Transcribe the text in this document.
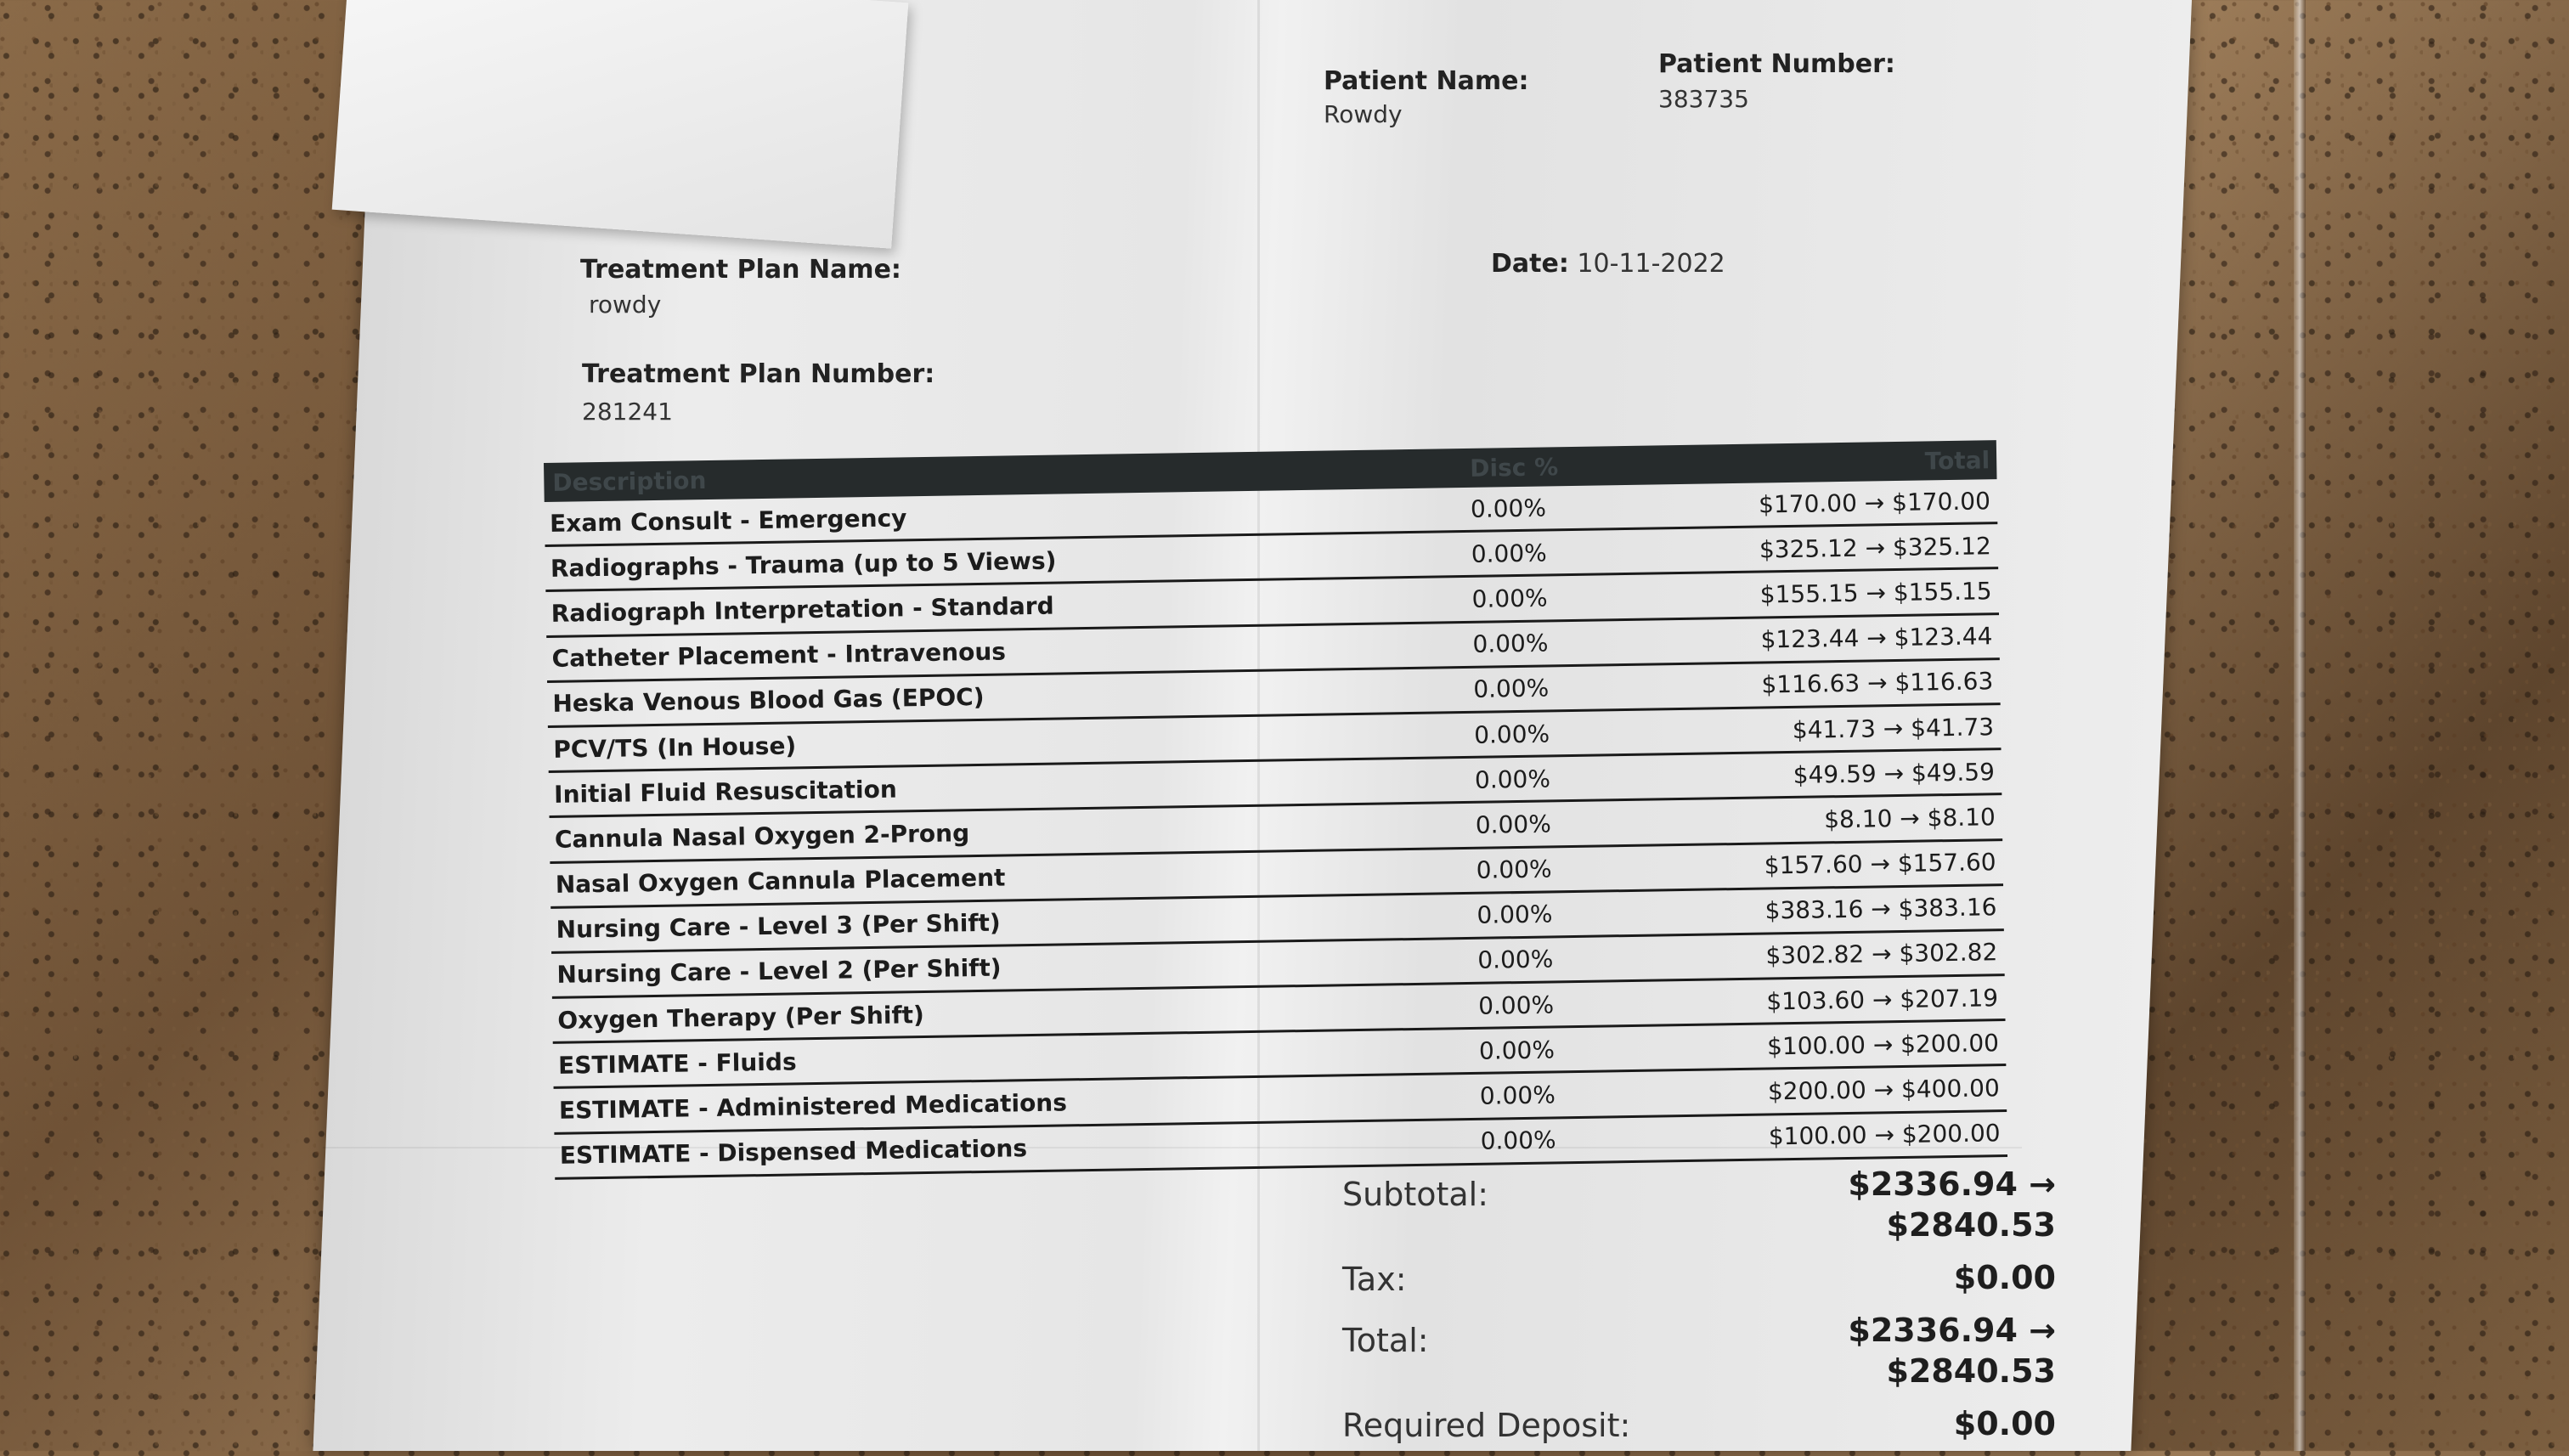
Patient Name:
Rowdy
Patient Number:
383735
Treatment Plan Name:
rowdy
Date: 10-11-2022
Treatment Plan Number:
281241
Description	Disc %	Total
Exam Consult - Emergency	0.00%	$170.00 → $170.00
Radiographs - Trauma (up to 5 Views)	0.00%	$325.12 → $325.12
Radiograph Interpretation - Standard	0.00%	$155.15 → $155.15
Catheter Placement - Intravenous	0.00%	$123.44 → $123.44
Heska Venous Blood Gas (EPOC)	0.00%	$116.63 → $116.63
PCV/TS (In House)	0.00%	$41.73 → $41.73
Initial Fluid Resuscitation	0.00%	$49.59 → $49.59
Cannula Nasal Oxygen 2-Prong	0.00%	$8.10 → $8.10
Nasal Oxygen Cannula Placement	0.00%	$157.60 → $157.60
Nursing Care - Level 3 (Per Shift)	0.00%	$383.16 → $383.16
Nursing Care - Level 2 (Per Shift)	0.00%	$302.82 → $302.82
Oxygen Therapy (Per Shift)	0.00%	$103.60 → $207.19
ESTIMATE - Fluids	0.00%	$100.00 → $200.00
ESTIMATE - Administered Medications	0.00%	$200.00 → $400.00
ESTIMATE - Dispensed Medications	0.00%	$100.00 → $200.00
Subtotal:	$2336.94 →
$2840.53
Tax:	$0.00
Total:	$2336.94 →
$2840.53
Required Deposit:	$0.00
